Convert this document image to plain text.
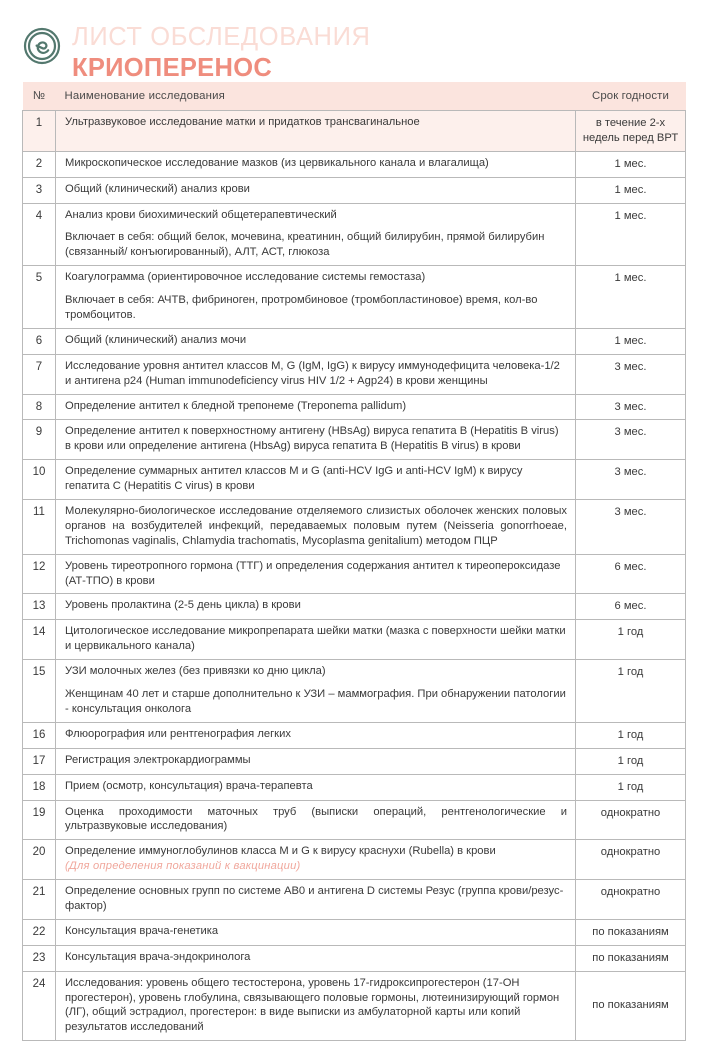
ЛИСТ ОБСЛЕДОВАНИЯ
КРИОПЕРЕНОС
№	Наименование исследования	Срок годности
1	Ультразвуковое исследование матки и придатков трансвагинальное	в течение 2-х недель перед ВРТ
2	Микроскопическое исследование мазков (из цервикального канала и влагалища)	1 мес.
3	Общий (клинический) анализ крови	1 мес.
4	Анализ крови биохимический общетерапевтический
Включает в себя: общий белок, мочевина, креатинин, общий билирубин, прямой билирубин (связанный/ конъюгированный), АЛТ, АСТ, глюкоза	1 мес.
5	Коагулограмма (ориентировочное исследование системы гемостаза)
Включает в себя: АЧТВ, фибриноген, протромбиновое (тромбопластиновое) время, кол-во тромбоцитов.	1 мес.
6	Общий (клинический) анализ мочи	1 мес.
7	Исследование уровня антител классов M, G (IgM, IgG) к вирусу иммунодефицита человека-1/2 и антигена p24 (Human immunodeficiency virus HIV 1/2 + Agp24) в крови женщины	3 мес.
8	Определение антител к бледной трепонеме (Treponema pallidum)	3 мес.
9	Определение антител к поверхностному антигену (HBsAg) вируса гепатита B (Hepatitis B virus) в крови или определение антигена (HbsAg) вируса гепатита B (Hepatitis B virus) в крови	3 мес.
10	Определение суммарных антител классов M и G (anti-HCV IgG и anti-HCV IgM) к вирусу гепатита C (Hepatitis C virus) в крови	3 мес.
11	Молекулярно-биологическое исследование отделяемого слизистых оболочек женских половых органов на возбудителей инфекций, передаваемых половым путем (Neisseria gonorrhoeae, Trichomonas vaginalis, Chlamydia trachomatis, Mycoplasma genitalium) методом ПЦР	3 мес.
12	Уровень тиреотропного гормона (ТТГ) и определения содержания антител к тиреопероксидазе (АТ-ТПО) в крови	6 мес.
13	Уровень пролактина (2-5 день цикла) в крови	6 мес.
14	Цитологическое исследование микропрепарата шейки матки (мазка с поверхности шейки матки и цервикального канала)	1 год
15	УЗИ молочных желез (без привязки ко дню цикла)
Женщинам 40 лет и старше дополнительно к УЗИ – маммография. При обнаружении патологии - консультация онколога	1 год
16	Флюорография или рентгенография легких	1 год
17	Регистрация электрокардиограммы	1 год
18	Прием (осмотр, консультация) врача-терапевта	1 год
19	Оценка проходимости маточных труб (выписки операций, рентгенологические и ультразвуковые исследования)	однократно
20	Определение иммуноглобулинов класса M и G к вирусу краснухи (Rubella) в крови
(Для определения показаний к вакцинации)	однократно
21	Определение основных групп по системе AB0 и антигена D системы Резус (группа крови/резус-фактор)	однократно
22	Консультация врача-генетика	по показаниям
23	Консультация врача-эндокринолога	по показаниям
24	Исследования: уровень общего тестостерона, уровень 17-гидроксипрогестерон (17-ОН прогестерон), уровень глобулина, связывающего половые гормоны, лютеинизирующий гормон (ЛГ), общий эстрадиол, прогестерон: в виде выписки из амбулаторной карты или копий результатов исследований	по показаниям
